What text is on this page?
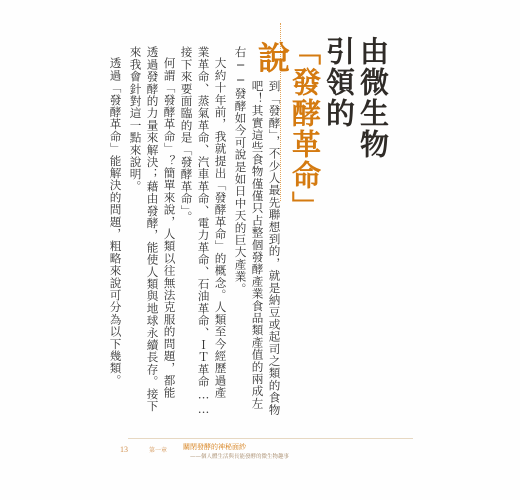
由微生物
引領的
「發酵革命」
說
到「發酵」，不少人最先聯想到的，就是納豆或起司之類的食物
吧！其實這些食物僅僅只占整個發酵產業食品類產值的兩成左
右──發酵如今可說是如日中天的巨大產業。
大約十年前，我就提出「發酵革命」的概念。人類至今經歷過產
業革命、蒸氣革命、汽車革命、電力革命、石油革命、ＩＴ革命……
接下來要面臨的是「發酵革命」。
何謂「發酵革命」？簡單來說，人類以往無法克服的問題，都能
透過發酵的力量來解決；藉由發酵，能使人類與地球永續長存。接下
來我會針對這一點來說明。
透過「發酵革命」能解決的問題，粗略來說可分為以下幾類。
13	第一章 關閉發酵的神秘面紗
——個人體生活與長能發酵的微生物趣事
